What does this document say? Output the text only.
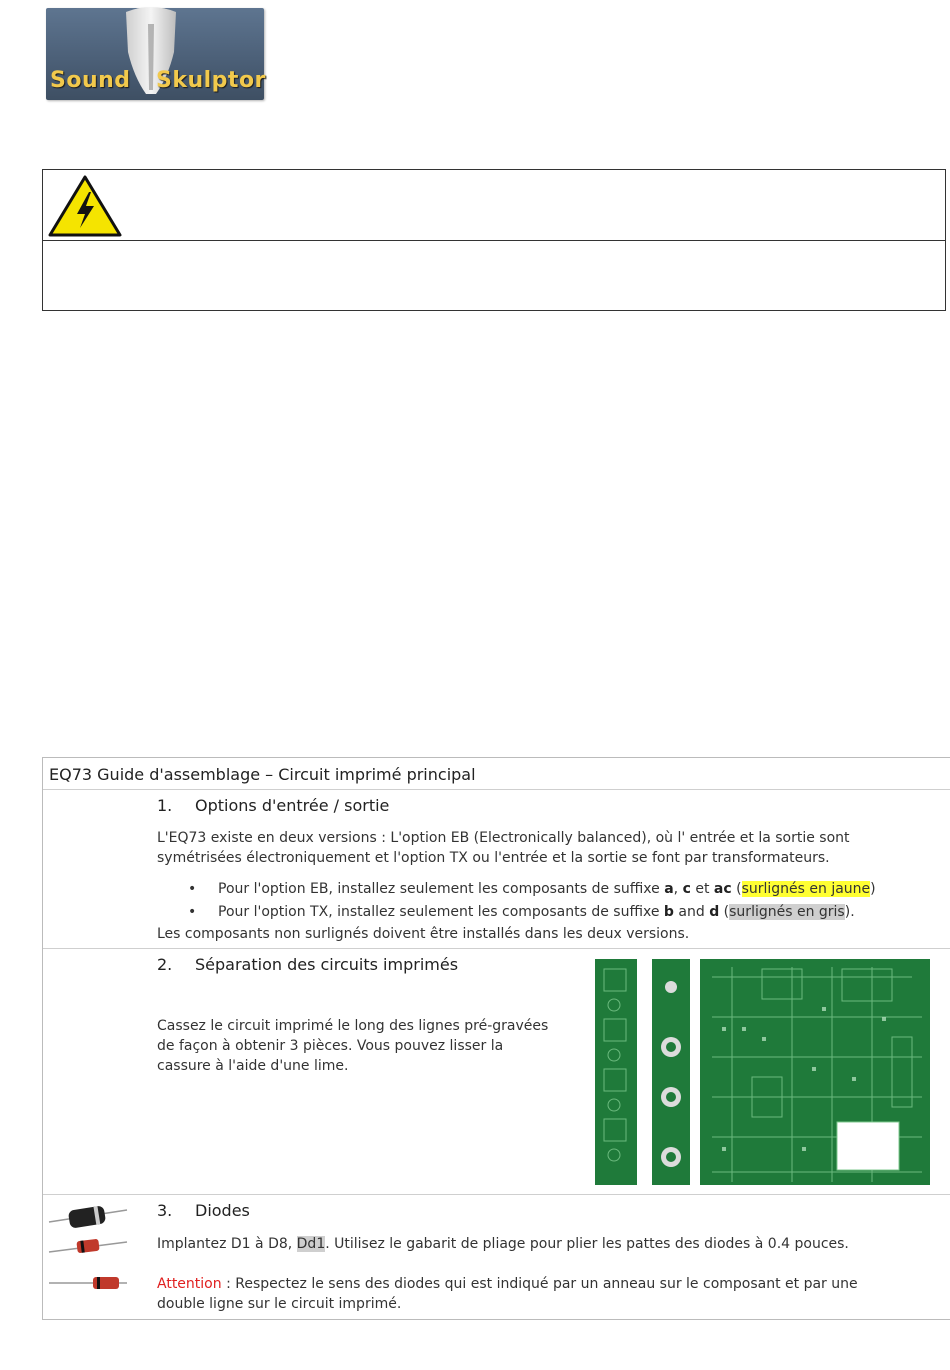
Sound Skulptor
EQ73 Guide d'assemblage – Circuit imprimé principal
1. Options d'entrée / sortie
L'EQ73 existe en deux versions : L'option EB (Electronically balanced), où l' entrée et la sortie sont
symétrisées électroniquement et l'option TX ou l'entrée et la sortie se font par transformateurs.
• Pour l'option EB, installez seulement les composants de suffixe a, c et ac (surlignés en jaune)
• Pour l'option TX, installez seulement les composants de suffixe b and d (surlignés en gris).
Les composants non surlignés doivent être installés dans les deux versions.
2. Séparation des circuits imprimés
Cassez le circuit imprimé le long des lignes pré-gravées
de façon à obtenir 3 pièces. Vous pouvez lisser la
cassure à l'aide d'une lime.
3. Diodes
Implantez D1 à D8, Dd1. Utilisez le gabarit de pliage pour plier les pattes des diodes à 0.4 pouces.
Attention : Respectez le sens des diodes qui est indiqué par un anneau sur le composant et par une
double ligne sur le circuit imprimé.
